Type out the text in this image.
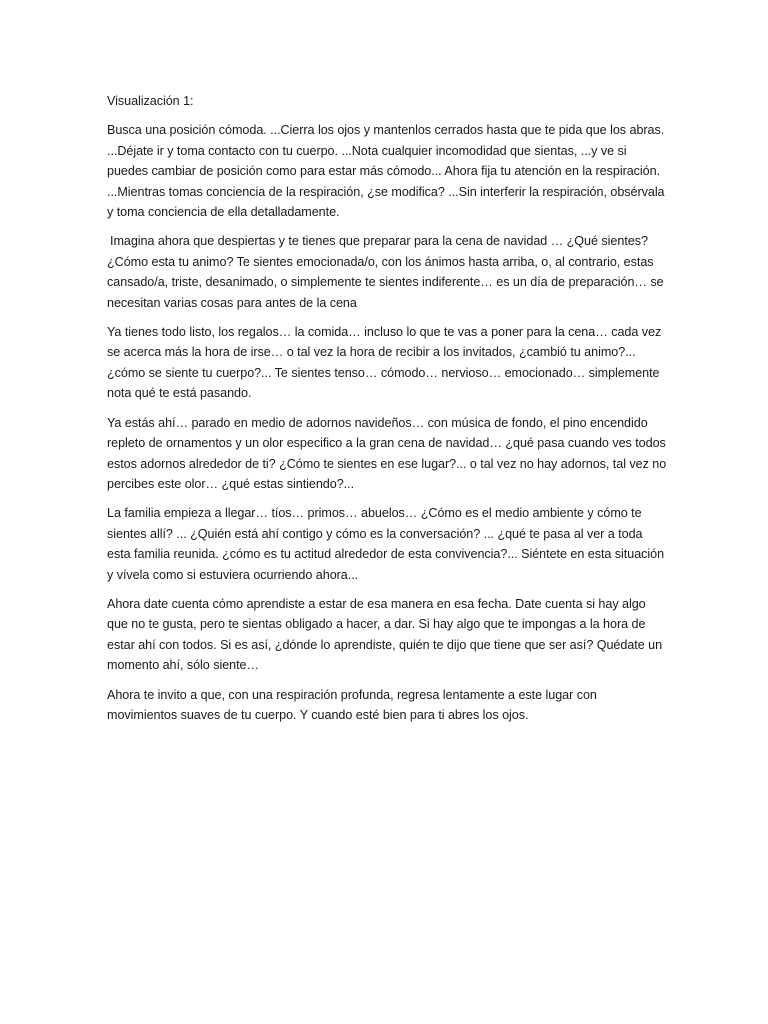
Visualización 1:

Busca una posición cómoda. ...Cierra los ojos y mantenlos cerrados hasta que te pida que los abras. ...Déjate ir y toma contacto con tu cuerpo. ...Nota cualquier incomodidad que sientas, ...y ve si puedes cambiar de posición como para estar más cómodo... Ahora fija tu atención en la respiración. ...Mientras tomas conciencia de la respiración, ¿se modifica? ...Sin interferir la respiración, obsérvala y toma conciencia de ella detalladamente.

Imagina ahora que despiertas y te tienes que preparar para la cena de navidad … ¿Qué sientes? ¿Cómo esta tu animo? Te sientes emocionada/o, con los ánimos hasta arriba, o, al contrario, estas cansado/a, triste, desanimado, o simplemente te sientes indiferente… es un día de preparación… se necesitan varias cosas para antes de la cena

Ya tienes todo listo, los regalos… la comida… incluso lo que te vas a poner para la cena… cada vez se acerca más la hora de irse… o tal vez la hora de recibir a los invitados, ¿cambió tu animo?... ¿cómo se siente tu cuerpo?... Te sientes tenso… cómodo… nervioso… emocionado… simplemente nota qué te está pasando.

Ya estás ahí… parado en medio de adornos navideños… con música de fondo, el pino encendido repleto de ornamentos y un olor especifico a la gran cena de navidad… ¿qué pasa cuando ves todos estos adornos alrededor de ti? ¿Cómo te sientes en ese lugar?... o tal vez no hay adornos, tal vez no percibes este olor… ¿qué estas sintiendo?...

La familia empieza a llegar… tíos… primos… abuelos… ¿Cómo es el medio ambiente y cómo te sientes allí? ... ¿Quién está ahí contigo y cómo es la conversación? ... ¿qué te pasa al ver a toda esta familia reunida. ¿cómo es tu actitud alrededor de esta convivencia?... Siéntete en esta situación y vívela como si estuviera ocurriendo ahora...

Ahora date cuenta cómo aprendiste a estar de esa manera en esa fecha. Date cuenta si hay algo que no te gusta, pero te sientas obligado a hacer, a dar. Si hay algo que te impongas a la hora de estar ahí con todos. Si es así, ¿dónde lo aprendiste, quién te dijo que tiene que ser así? Quédate un momento ahí, sólo siente…

Ahora te invito a que, con una respiración profunda, regresa lentamente a este lugar con movimientos suaves de tu cuerpo. Y cuando esté bien para ti abres los ojos.
